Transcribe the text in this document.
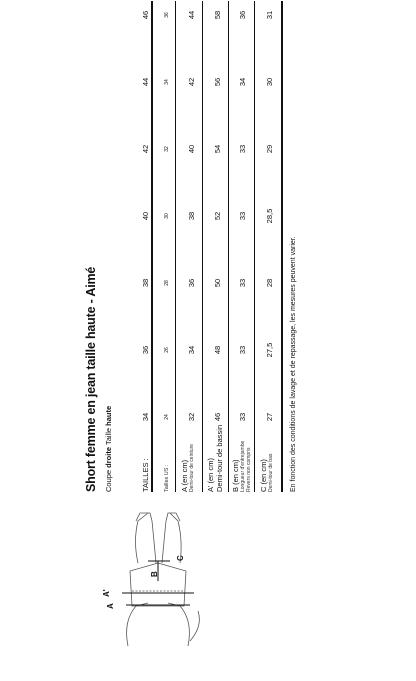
A
A'
B
C
Short femme en jean taille haute - Aimé Coupe droite Taille haute
TAILLES :
34
36
38
40
42
44
46
Tailles US :
24
26
28
30
32
34
36
A (en cm) Demi-tour de ceinture
32
34
36
38
40
42
44
A' (en cm) Demi-tour de bassin
46
48
50
52
54
56
58
B (en cm) Longueur d'entrejambe Revers non compris
33
33
33
33
33
34
36
C (en cm) Demi-tour de bas
27
27,5
28
28,5
29
30
31
En fonction des conditions de lavage et de repassage, les mesures peuvent varier.
